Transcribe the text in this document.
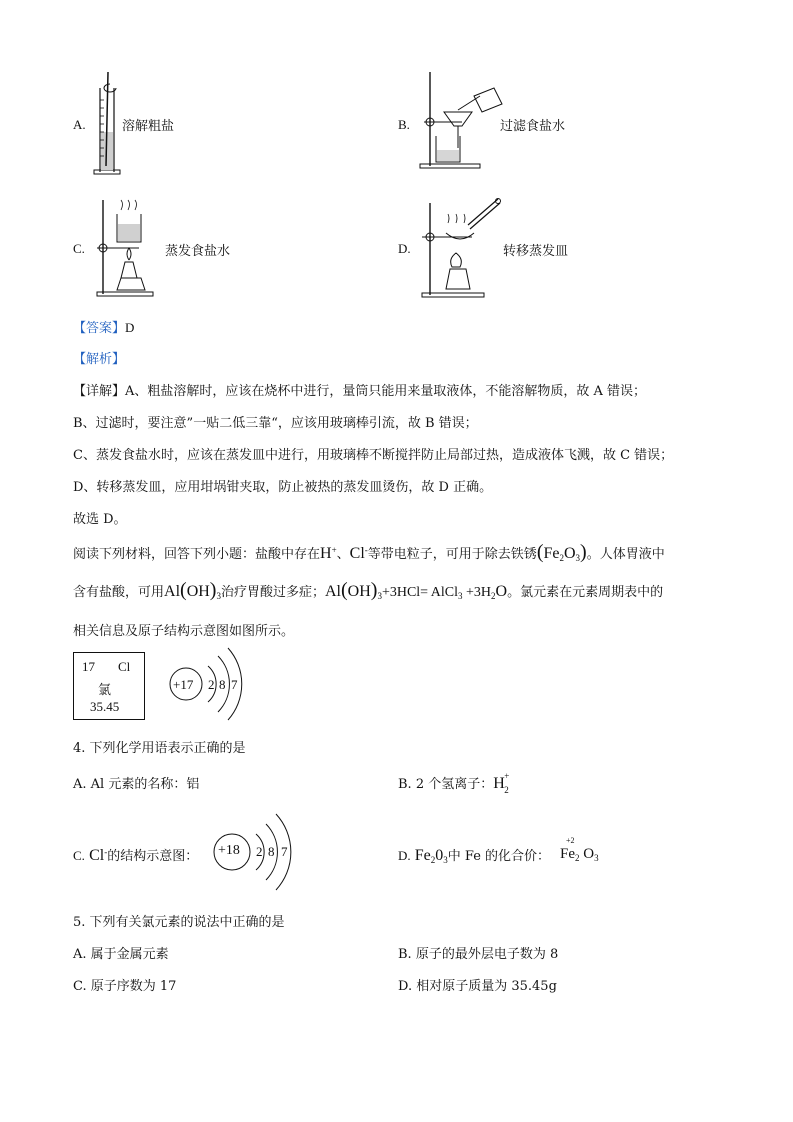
A.	溶解粗盐	B.	过滤食盐水
C.	蒸发食盐水	D.	转移蒸发皿
【答案】D
【解析】
【详解】A、粗盐溶解时，应该在烧杯中进行，量筒只能用来量取液体，不能溶解物质，故 A 错误；
B、过滤时，要注意”一贴二低三靠“，应该用玻璃棒引流，故 B 错误；
C、蒸发食盐水时，应该在蒸发皿中进行，用玻璃棒不断搅拌防止局部过热，造成液体飞溅，故 C 错误；
D、转移蒸发皿，应用坩埚钳夹取，防止被热的蒸发皿烫伤，故 D 正确。
故选 D。
阅读下列材料，回答下列小题：盐酸中存在H+、Cl-等带电粒子，可用于除去铁锈$(Fe_2O_3)$。人体胃液中
含有盐酸，可用$Al(OH)_3$治疗胃酸过多症；$Al(OH)_3+3HCl=$ AlCl$_3$ $+3H_2O$。氯元素在元素周期表中的
相关信息及原子结构示意图如图所示。
17 Cl
氯
35.45
+17 2 8 7
4. 下列化学用语表示正确的是
A. Al 元素的名称：铝	B. 2 个氢离子：H +
2
C. Cl-的结构示意图： +18 2 8 7	D. $Fe_20_3$中 Fe 的化合价：
+2
$Fe_2$ $O_3$
5. 下列有关氯元素的说法中正确的是
A. 属于金属元素	B. 原子的最外层电子数为 8
C. 原子序数为 17	D. 相对原子质量为 35.45g
